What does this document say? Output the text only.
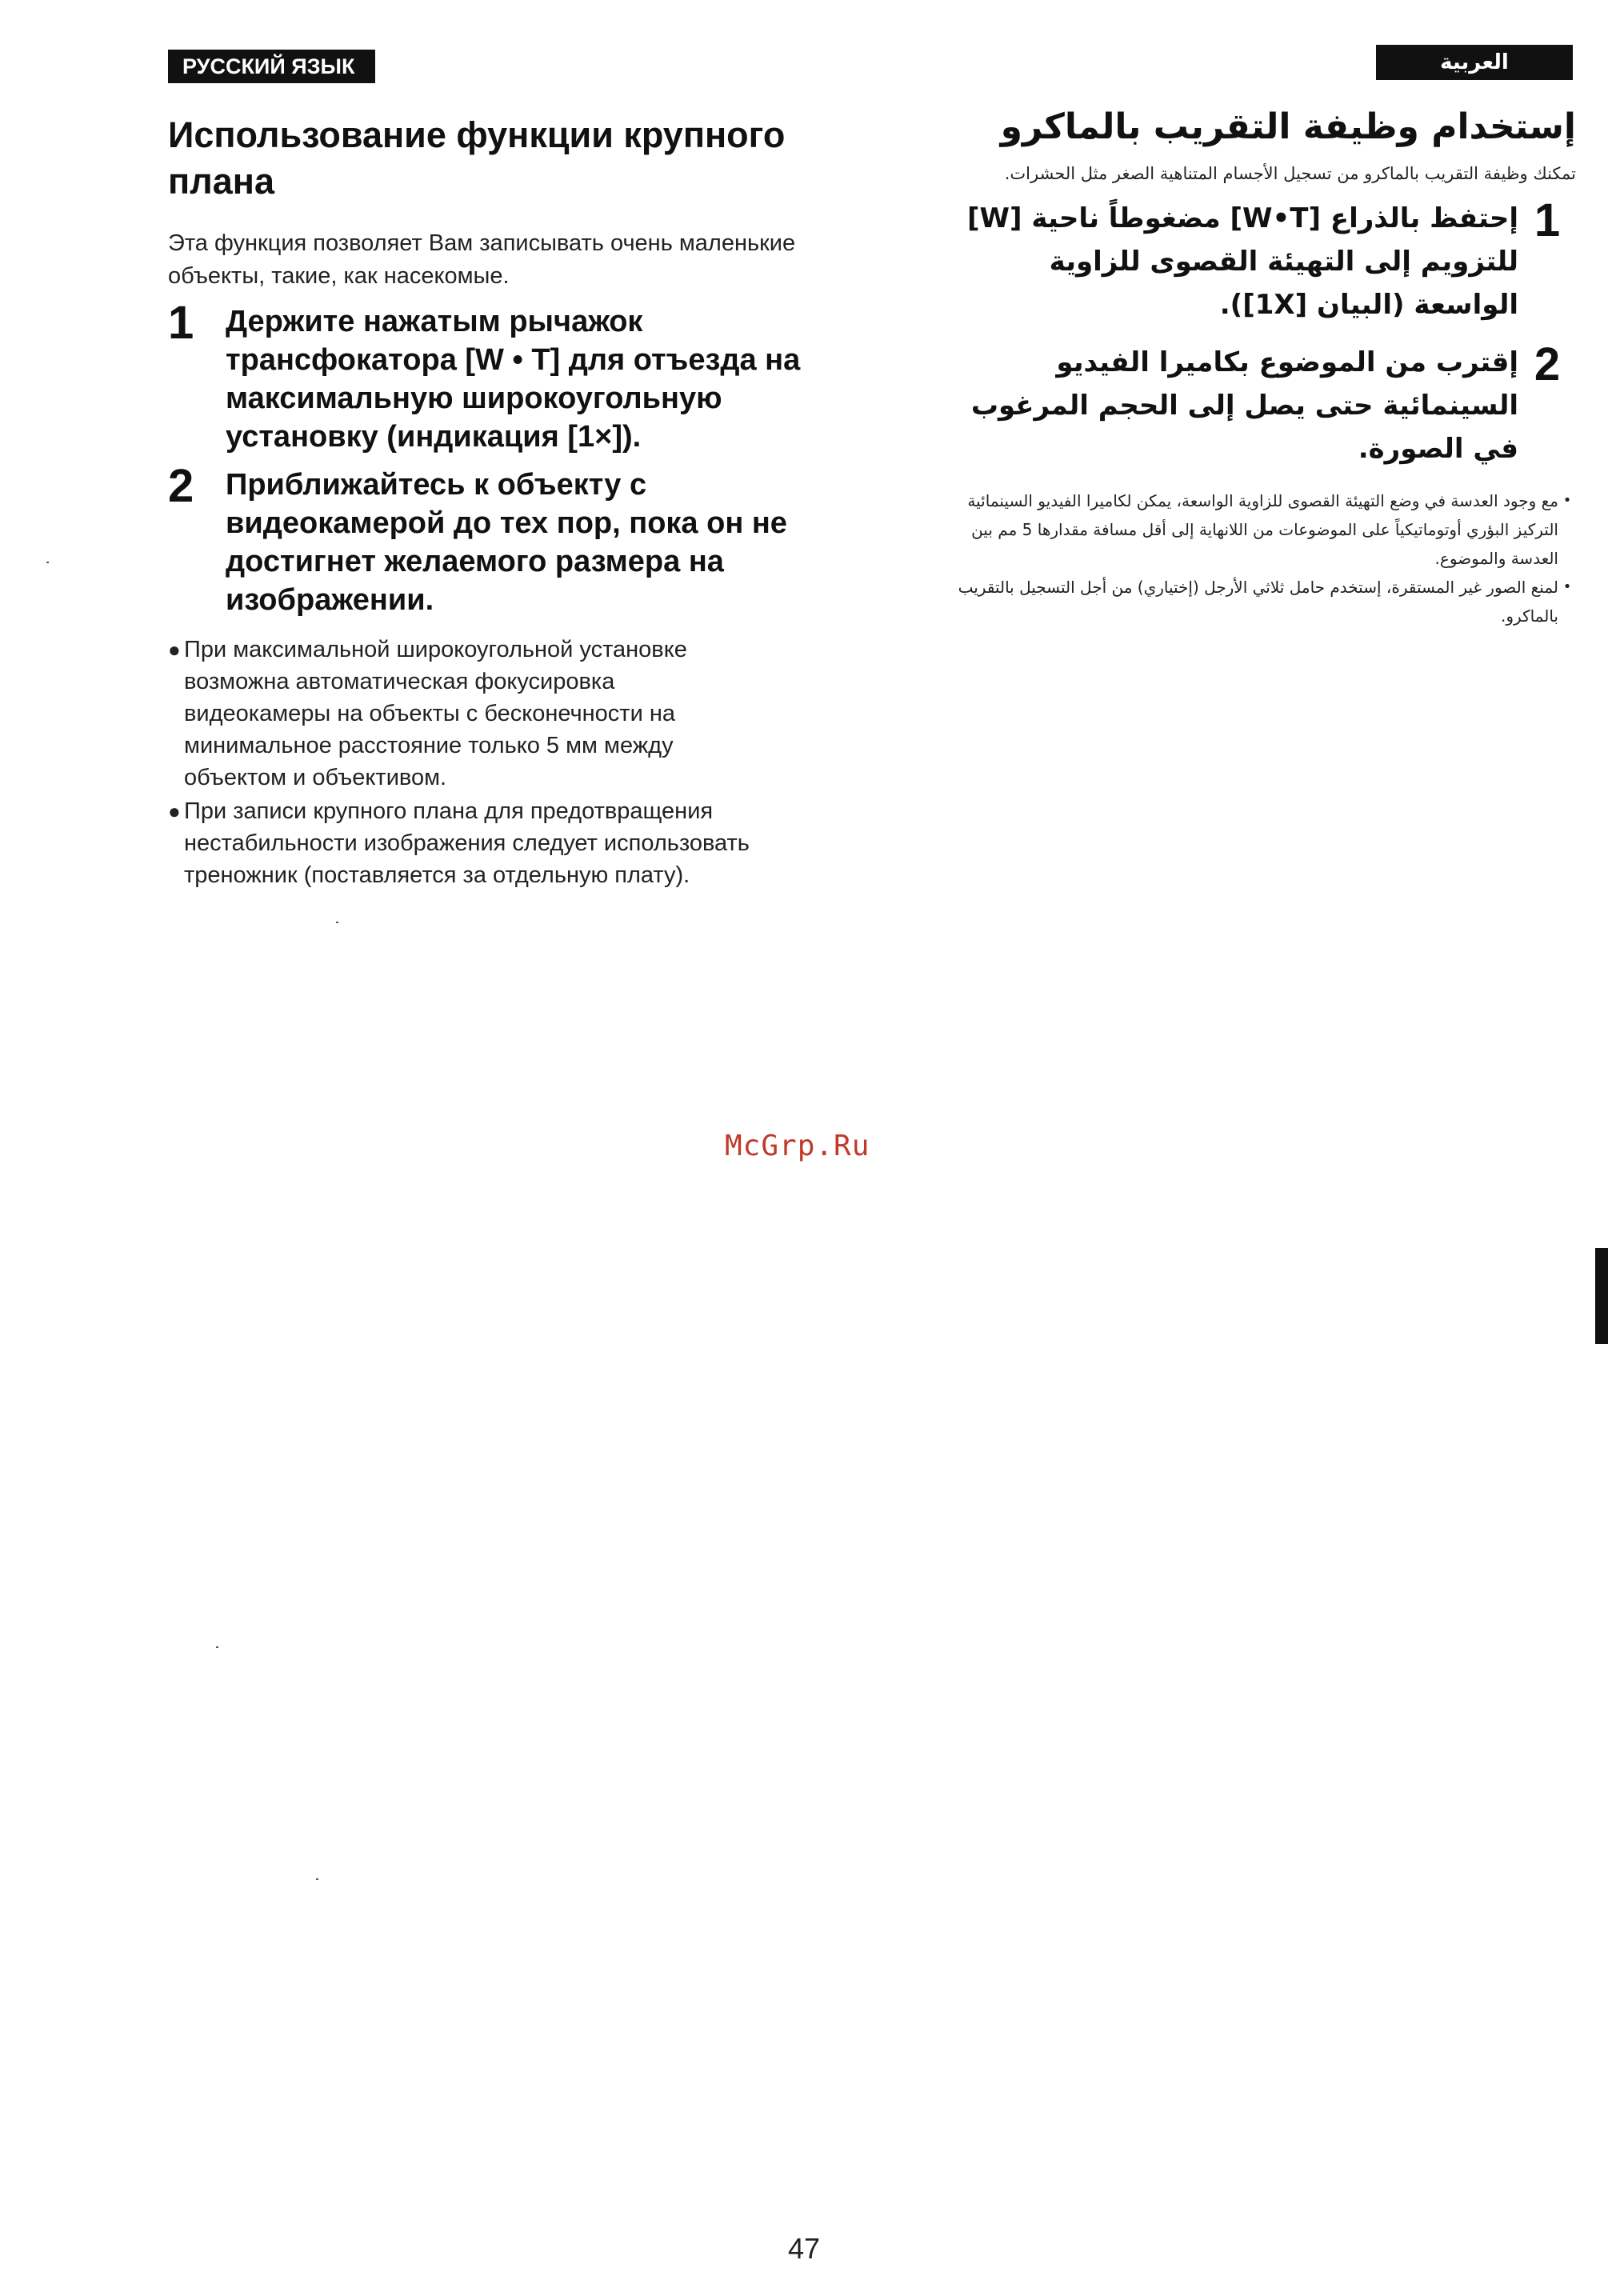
РУССКИЙ ЯЗЫК
Использование функции крупного плана

Эта функция позволяет Вам записывать очень маленькие объекты, такие, как насекомые.

1	Держите нажатым рычажок трансфокатора [W • T] для отъезда на максимальную широкоугольную установку (индикация [1×]).
2	Приближайтесь к объекту с видеокамерой до тех пор, пока он не достигнет желаемого размера на изображении.
● При максимальной широкоугольной установке возможна автоматическая фокусировка видеокамеры на объекты с бесконечности на минимальное расстояние только 5 мм между объектом и объективом.
● При записи крупного плана для предотвращения нестабильности изображения следует использовать треножник (поставляется за отдельную плату).
العربية
إستخدام وظيفة التقريب بالماكرو

تمكنك وظيفة التقريب بالماكرو من تسجيل الأجسام المتناهية الصغر مثل الحشرات.

1
إحتفظ بالذراع [W•T] مضغوطاً ناحية [W] للتزويم إلى التهيئة القصوى للزاوية الواسعة (البيان [1X]).
2
إقترب من الموضوع بكاميرا الفيديو السينمائية حتى يصل إلى الحجم المرغوب في الصورة.
•
مع وجود العدسة في وضع التهيئة القصوى للزاوية الواسعة، يمكن لكاميرا الفيديو السينمائية التركيز البؤري أوتوماتيكياً على الموضوعات من اللانهاية إلى أقل مسافة مقدارها 5 مم بين العدسة والموضوع.
•
لمنع الصور غير المستقرة، إستخدم حامل ثلاثي الأرجل (إختياري) من أجل التسجيل بالتقريب بالماكرو.
McGrp.Ru
47
